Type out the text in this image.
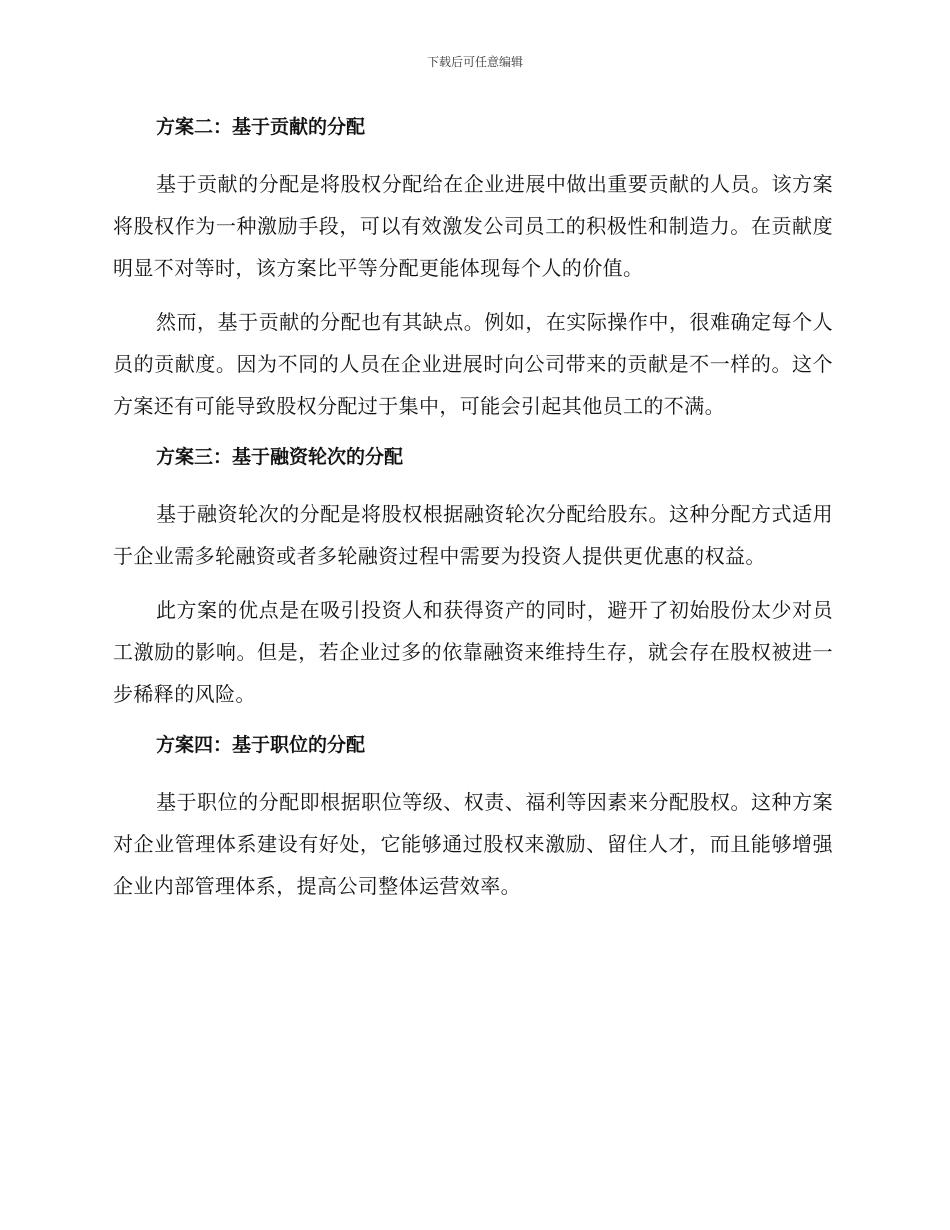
下载后可任意编辑
方案二：基于贡献的分配

基于贡献的分配是将股权分配给在企业进展中做出重要贡献的人员。该方案将股权作为一种激励手段，可以有效激发公司员工的积极性和制造力。在贡献度明显不对等时，该方案比平等分配更能体现每个人的价值。

然而，基于贡献的分配也有其缺点。例如，在实际操作中，很难确定每个人员的贡献度。因为不同的人员在企业进展时向公司带来的贡献是不一样的。这个方案还有可能导致股权分配过于集中，可能会引起其他员工的不满。

方案三：基于融资轮次的分配

基于融资轮次的分配是将股权根据融资轮次分配给股东。这种分配方式适用于企业需多轮融资或者多轮融资过程中需要为投资人提供更优惠的权益。

此方案的优点是在吸引投资人和获得资产的同时，避开了初始股份太少对员工激励的影响。但是，若企业过多的依靠融资来维持生存，就会存在股权被进一步稀释的风险。

方案四：基于职位的分配

基于职位的分配即根据职位等级、权责、福利等因素来分配股权。这种方案对企业管理体系建设有好处，它能够通过股权来激励、留住人才，而且能够增强企业内部管理体系，提高公司整体运营效率。
